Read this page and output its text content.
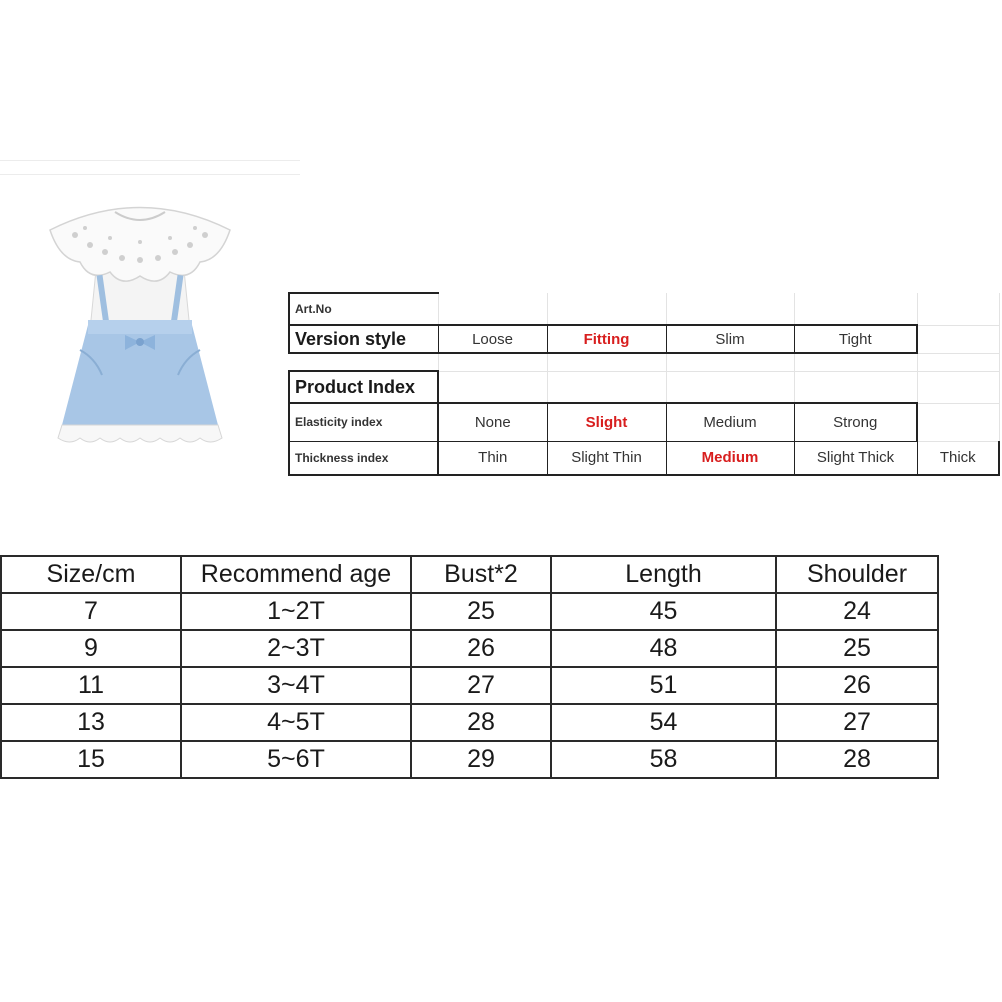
Art.No					
Version style	Loose	Fitting	Slim	Tight	

Product Index					
Elasticity index	None	Slight	Medium	Strong	
Thickness index	Thin	Slight Thin	Medium	Slight Thick	Thick
Size/cm	Recommend age	Bust*2	Length	Shoulder
7	1~2T	25	45	24
9	2~3T	26	48	25
11	3~4T	27	51	26
13	4~5T	28	54	27
15	5~6T	29	58	28
